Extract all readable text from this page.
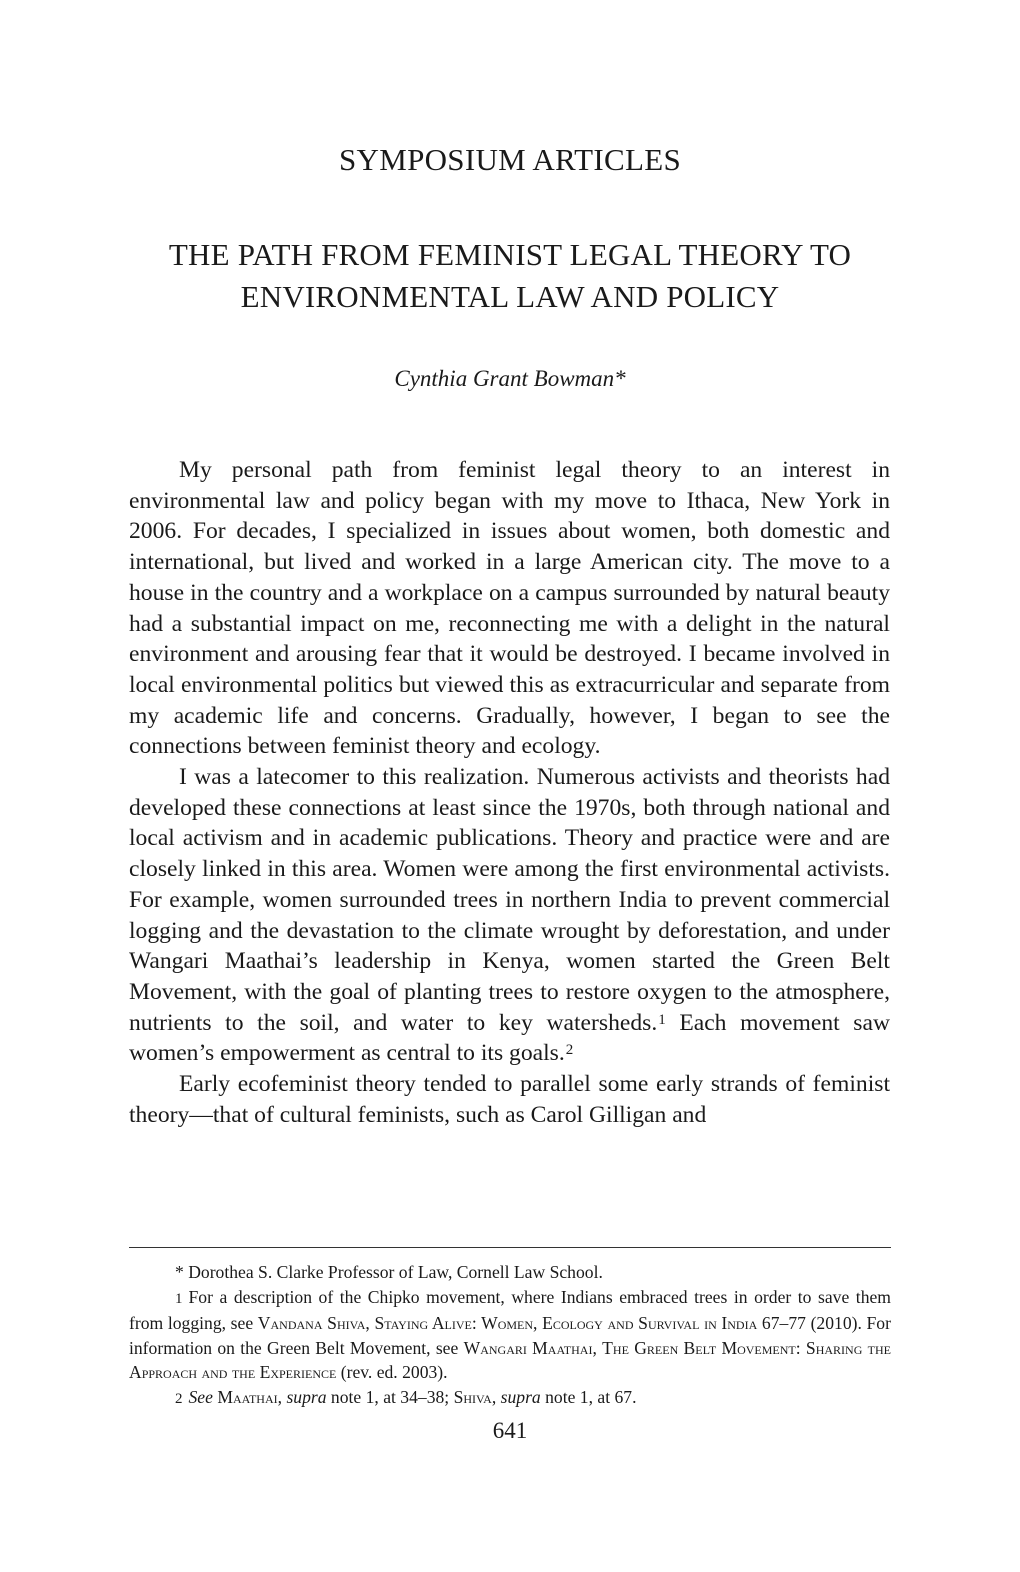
SYMPOSIUM ARTICLES
THE PATH FROM FEMINIST LEGAL THEORY TO
ENVIRONMENTAL LAW AND POLICY
Cynthia Grant Bowman*

My personal path from feminist legal theory to an interest in environmental law and policy began with my move to Ithaca, New York in 2006. For decades, I specialized in issues about women, both domestic and international, but lived and worked in a large American city. The move to a house in the country and a workplace on a campus surrounded by natural beauty had a substantial impact on me, reconnecting me with a delight in the natural environment and arousing fear that it would be destroyed. I became involved in local environmental politics but viewed this as extracurricular and separate from my academic life and concerns. Gradually, however, I began to see the connections between feminist theory and ecology.

I was a latecomer to this realization. Numerous activists and theorists had developed these connections at least since the 1970s, both through national and local activism and in academic publications. Theory and practice were and are closely linked in this area. Women were among the first environmental activists. For example, women surrounded trees in northern India to prevent commercial logging and the devastation to the climate wrought by deforestation, and under Wangari Maathai’s leadership in Kenya, women started the Green Belt Movement, with the goal of planting trees to restore oxygen to the atmosphere, nutrients to the soil, and water to key watersheds.$^1$ Each movement saw women’s empowerment as central to its goals.$^2$

Early ecofeminist theory tended to parallel some early strands of feminist theory—that of cultural feminists, such as Carol Gilligan and

* Dorothea S. Clarke Professor of Law, Cornell Law School.

1 For a description of the Chipko movement, where Indians embraced trees in order to save them from logging, see Vandana Shiva, Staying Alive: Women, Ecology and Survival in India 67–77 (2010). For information on the Green Belt Movement, see Wangari Maathai, The Green Belt Movement: Sharing the Approach and the Experience (rev. ed. 2003).

2 See Maathai, supra note 1, at 34–38; Shiva, supra note 1, at 67.

641
